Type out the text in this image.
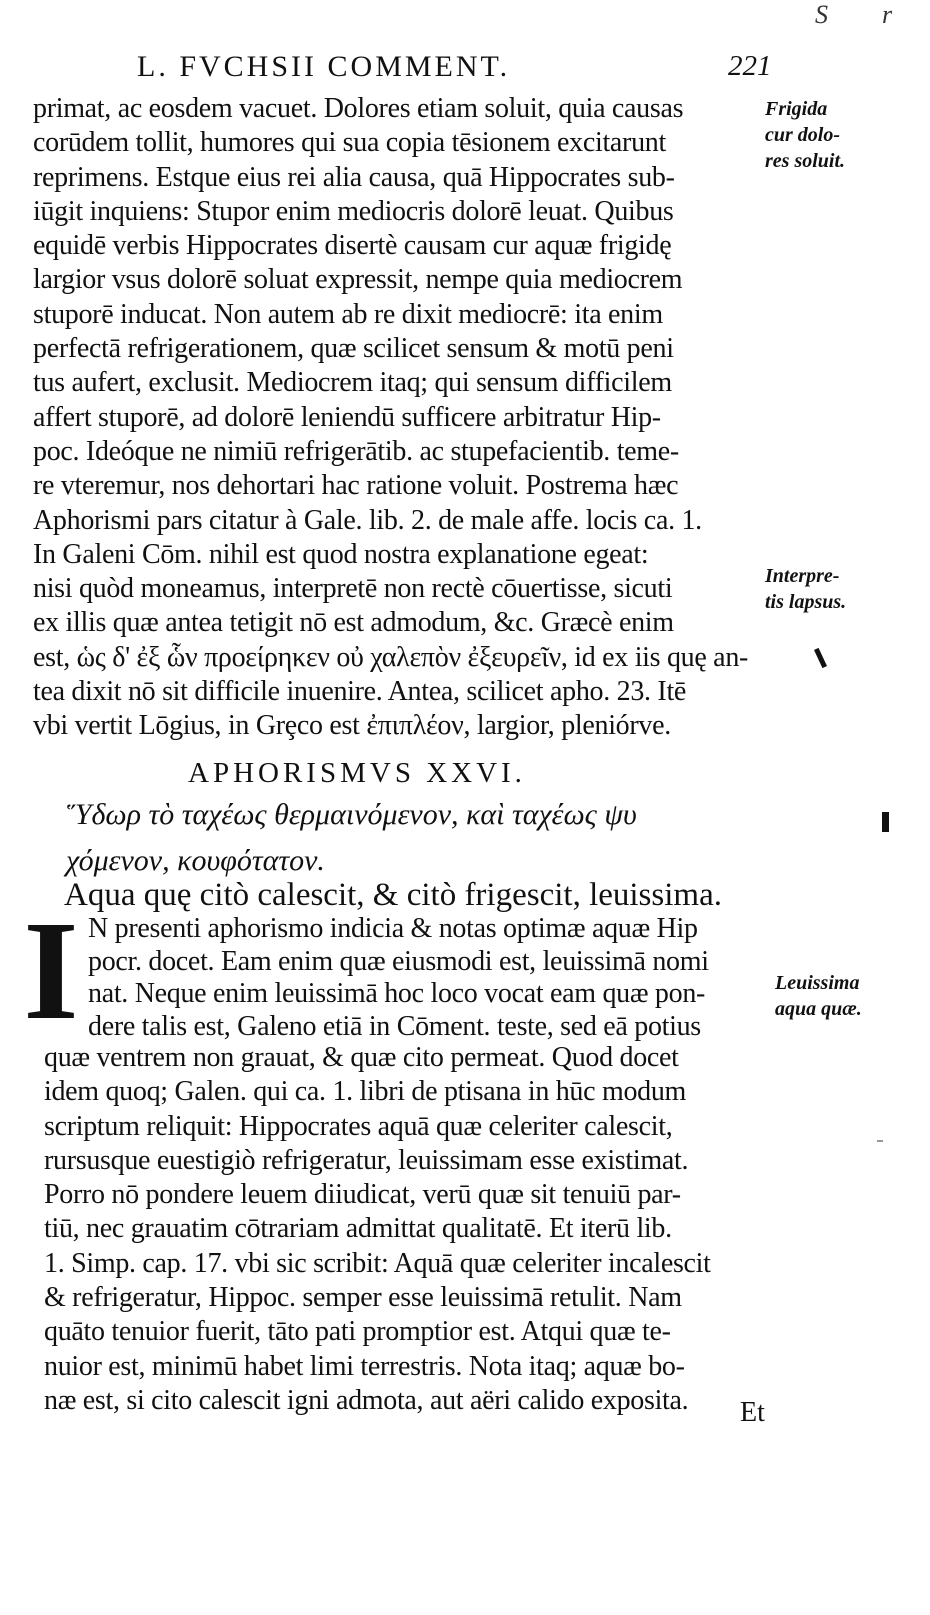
S r
L. FVCHSII COMMENT.	221
primat, ac eosdem vacuet. Dolores etiam soluit, quia causas
corūdem tollit, humores qui sua copia tēsionem excitarunt
reprimens. Estque eius rei alia causa, quā Hippocrates sub-
iūgit inquiens: Stupor enim mediocris dolorē leuat. Quibus
equidē verbis Hippocrates disertè causam cur aquæ frigidę
largior vsus dolorē soluat expressit, nempe quia mediocrem
stuporē inducat. Non autem ab re dixit mediocrē: ita enim
perfectā refrigerationem, quæ scilicet sensum & motū peni
tus aufert, exclusit. Mediocrem itaq; qui sensum difficilem
affert stuporē, ad dolorē leniendū sufficere arbitratur Hip-
poc. Ideóque ne nimiū refrigerātib. ac stupefacientib. teme-
re vteremur, nos dehortari hac ratione voluit. Postrema hæc
Aphorismi pars citatur à Gale. lib. 2. de male affe. locis ca. 1.
In Galeni Cōm. nihil est quod nostra explanatione egeat:
nisi quòd moneamus, interpretē non rectè cōuertisse, sicuti
ex illis quæ antea tetigit nō est admodum, &c. Græcè enim
est, ὡς δ' ἐξ ὧν προείρηκεν οὐ χαλεπὸν ἐξευρεῖν, id ex iis quę an-
tea dixit nō sit difficile inuenire. Antea, scilicet apho. 23. Itē
vbi vertit Lōgius, in Grȩco est ἐπιπλέον, largior, pleniórve.
APHORISMVS XXVI.
Ὕδωρ τὸ ταχέως θερμαινόμενον, καὶ ταχέως ψυ
χόμενον, κουφότατον.
Aqua quę citò calescit, & citò frigescit, leuissima.
I N presenti aphorismo indicia & notas optimæ aquæ Hip
pocr. docet. Eam enim quæ eiusmodi est, leuissimā nomi
nat. Neque enim leuissimā hoc loco vocat eam quæ pon-
dere talis est, Galeno etiā in Cōment. teste, sed eā potius
quæ ventrem non grauat, & quæ cito permeat. Quod docet
idem quoq; Galen. qui ca. 1. libri de ptisana in hūc modum
scriptum reliquit: Hippocrates aquā quæ celeriter calescit,
rursusque euestigiò refrigeratur, leuissimam esse existimat.
Porro nō pondere leuem diiudicat, verū quæ sit tenuiū par-
tiū, nec grauatim cōtrariam admittat qualitatē. Et iterū lib.
1. Simp. cap. 17. vbi sic scribit: Aquā quæ celeriter incalescit
& refrigeratur, Hippoc. semper esse leuissimā retulit. Nam
quāto tenuior fuerit, tāto pati promptior est. Atqui quæ te-
nuior est, minimū habet limi terrestris. Nota itaq; aquæ bo-
næ est, si cito calescit igni admota, aut aëri calido exposita.	Et
Frigida
cur dolo-
res soluit.
Interpre-
tis lapsus.
Leuissima
aqua quæ.
